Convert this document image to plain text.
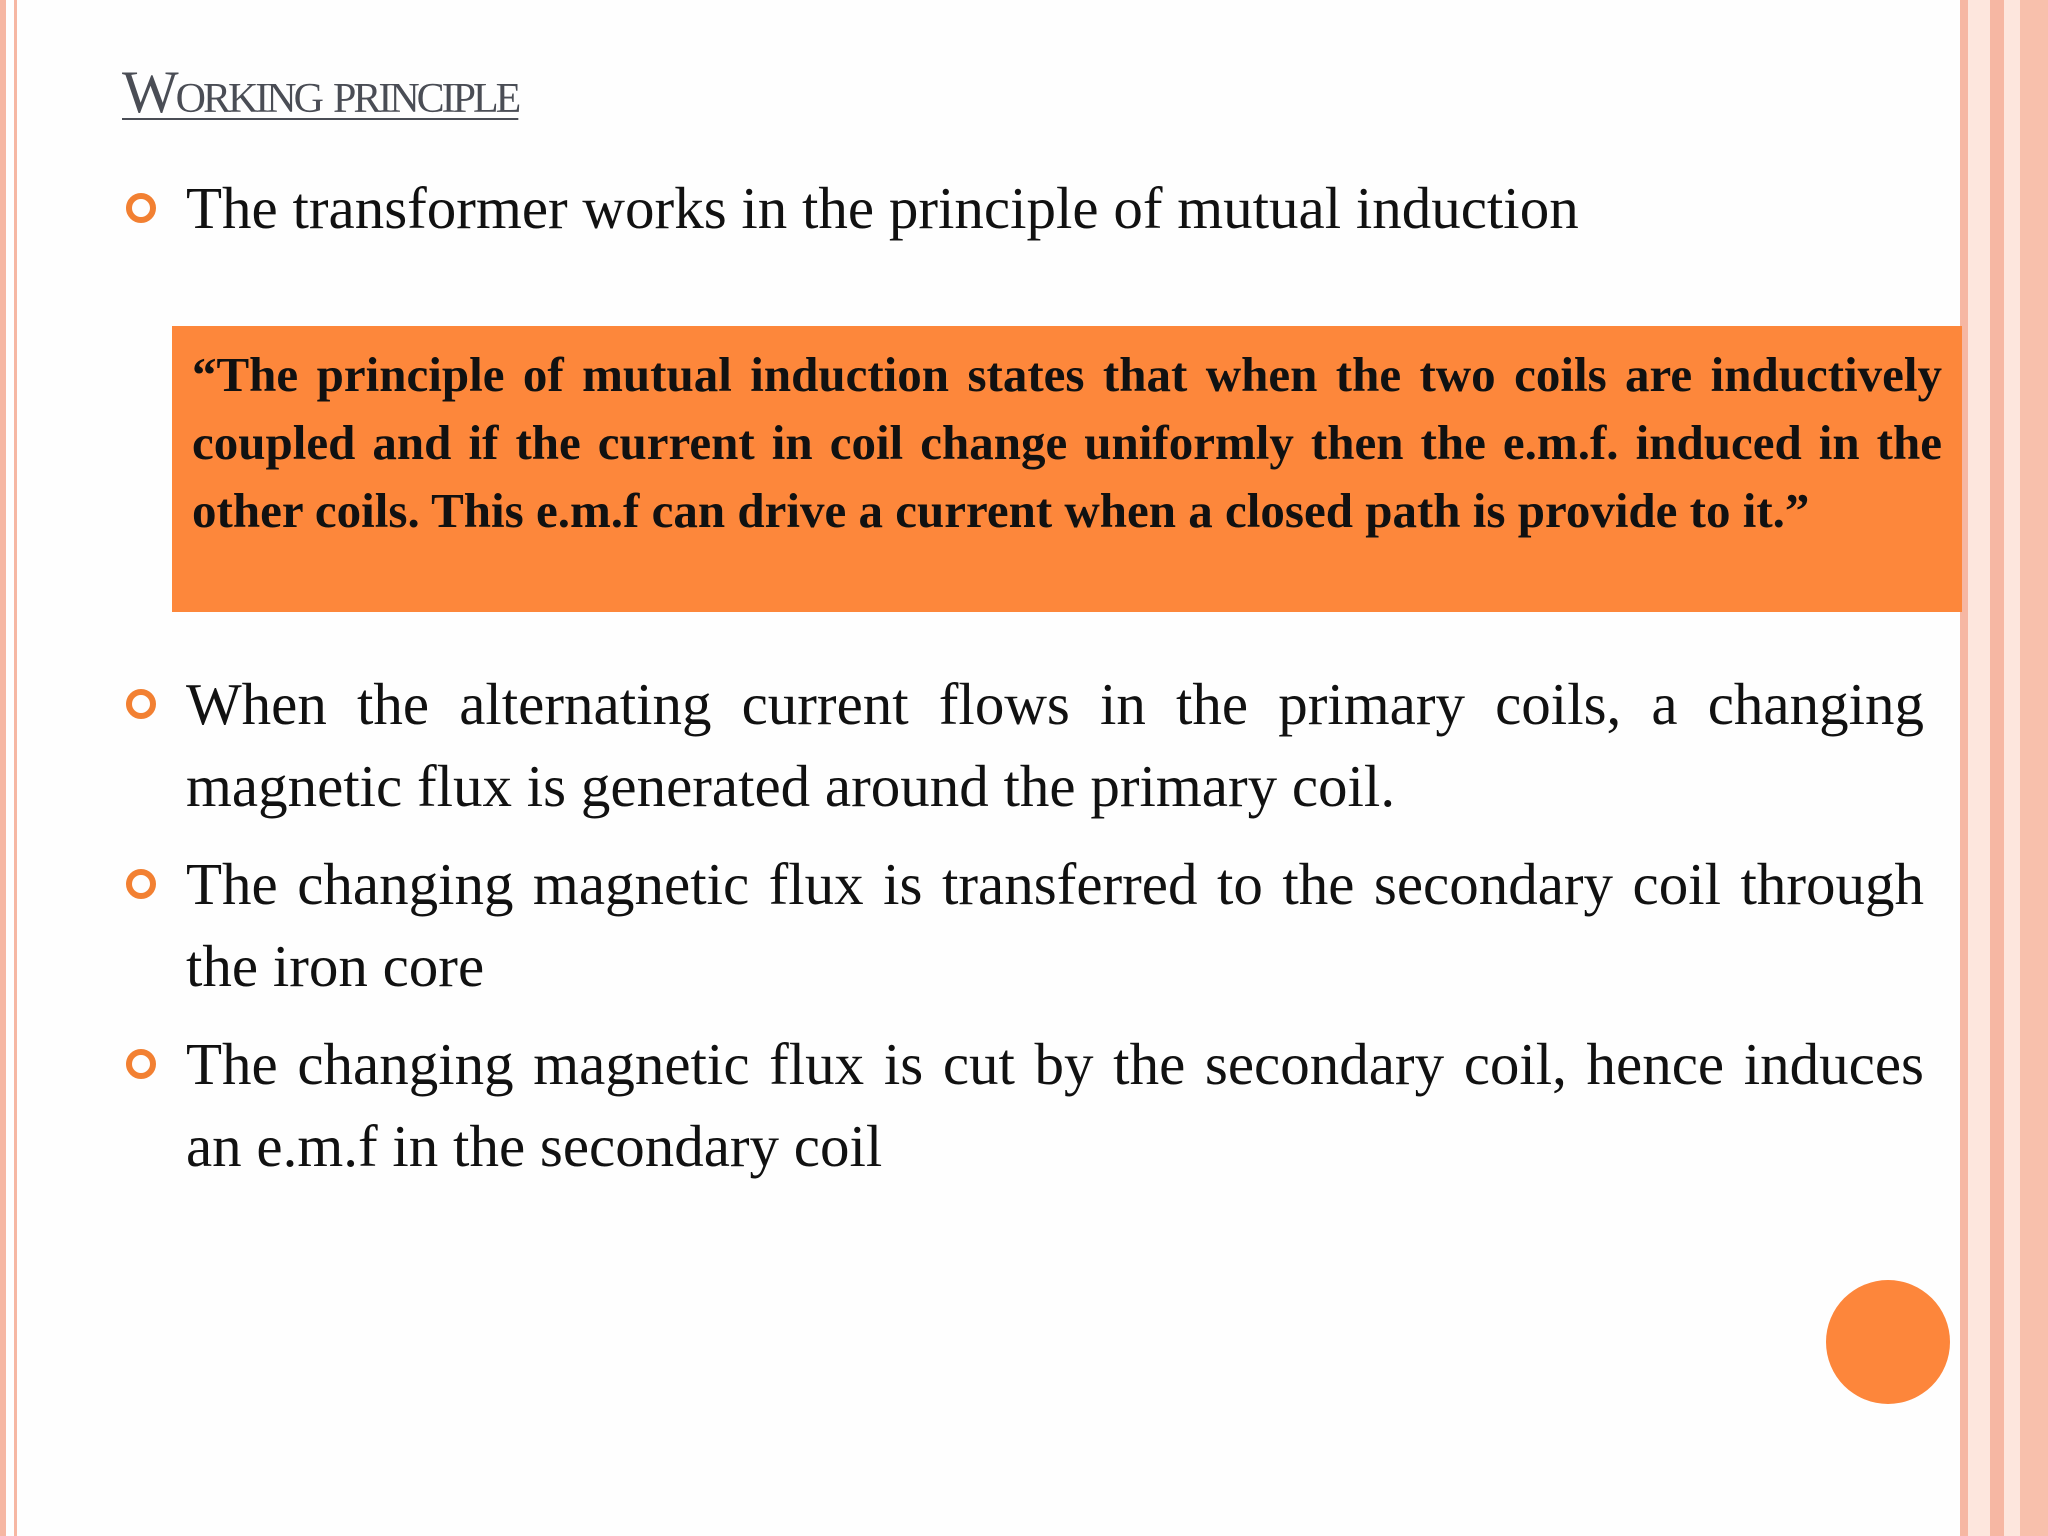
Working principle
The transformer works in the principle of mutual induction
“The principle of mutual induction states that when the two coils are inductively coupled and if the current in coil change uniformly then the e.m.f. induced in the other coils. This e.m.f can drive a current when a closed path is provide to it.”
When the alternating current flows in the primary coils, a changing magnetic flux is generated around the primary coil.
The changing magnetic flux is transferred to the secondary coil through the iron core
The changing magnetic flux is cut by the secondary coil, hence induces an e.m.f in the secondary coil
